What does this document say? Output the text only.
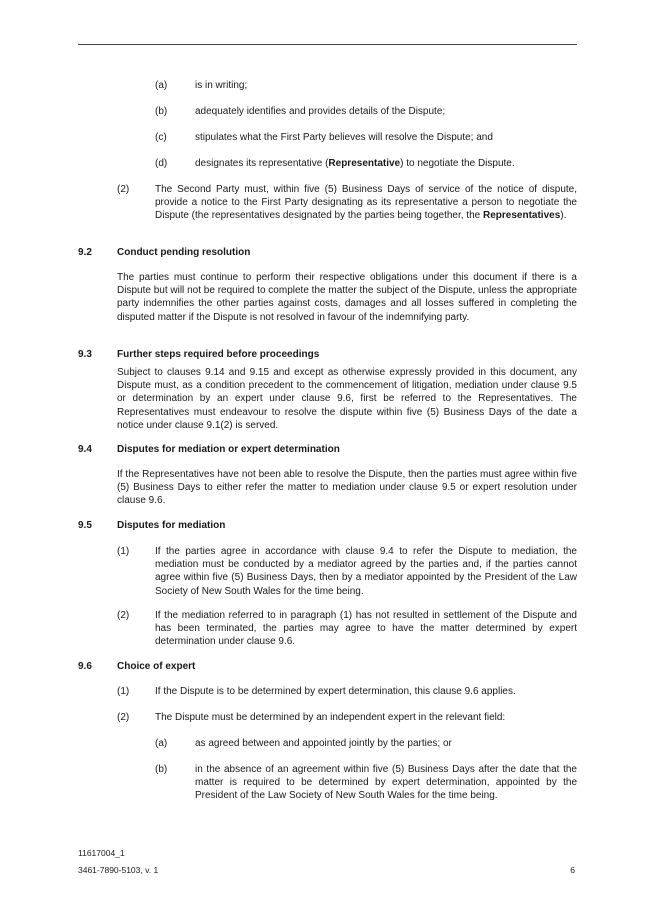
(a)	is in writing;
(b)	adequately identifies and provides details of the Dispute;
(c)	stipulates what the First Party believes will resolve the Dispute; and
(d)	designates its representative (Representative) to negotiate the Dispute.

(2)	The Second Party must, within five (5) Business Days of service of the notice of dispute, provide a notice to the First Party designating as its representative a person to negotiate the Dispute (the representatives designated by the parties being together, the Representatives).

9.2	Conduct pending resolution

The parties must continue to perform their respective obligations under this document if there is a Dispute but will not be required to complete the matter the subject of the Dispute, unless the appropriate party indemnifies the other parties against costs, damages and all losses suffered in completing the disputed matter if the Dispute is not resolved in favour of the indemnifying party.

9.3	Further steps required before proceedings

Subject to clauses 9.14 and 9.15 and except as otherwise expressly provided in this document, any Dispute must, as a condition precedent to the commencement of litigation, mediation under clause 9.5 or determination by an expert under clause 9.6, first be referred to the Representatives. The Representatives must endeavour to resolve the dispute within five (5) Business Days of the date a notice under clause 9.1(2) is served.

9.4	Disputes for mediation or expert determination

If the Representatives have not been able to resolve the Dispute, then the parties must agree within five (5) Business Days to either refer the matter to mediation under clause 9.5 or expert resolution under clause 9.6.

9.5	Disputes for mediation
(1)	If the parties agree in accordance with clause 9.4 to refer the Dispute to mediation, the mediation must be conducted by a mediator agreed by the parties and, if the parties cannot agree within five (5) Business Days, then by a mediator appointed by the President of the Law Society of New South Wales for the time being.

(2)	If the mediation referred to in paragraph (1) has not resulted in settlement of the Dispute and has been terminated, the parties may agree to have the matter determined by expert determination under clause 9.6.

9.6	Choice of expert
(1)	If the Dispute is to be determined by expert determination, this clause 9.6 applies.

(2)	The Dispute must be determined by an independent expert in the relevant field:

(a)	as agreed between and appointed jointly by the parties; or

(b)	in the absence of an agreement within five (5) Business Days after the date that the matter is required to be determined by expert determination, appointed by the President of the Law Society of New South Wales for the time being.

11617004_1
3461-7890-5103, v. 1	6
